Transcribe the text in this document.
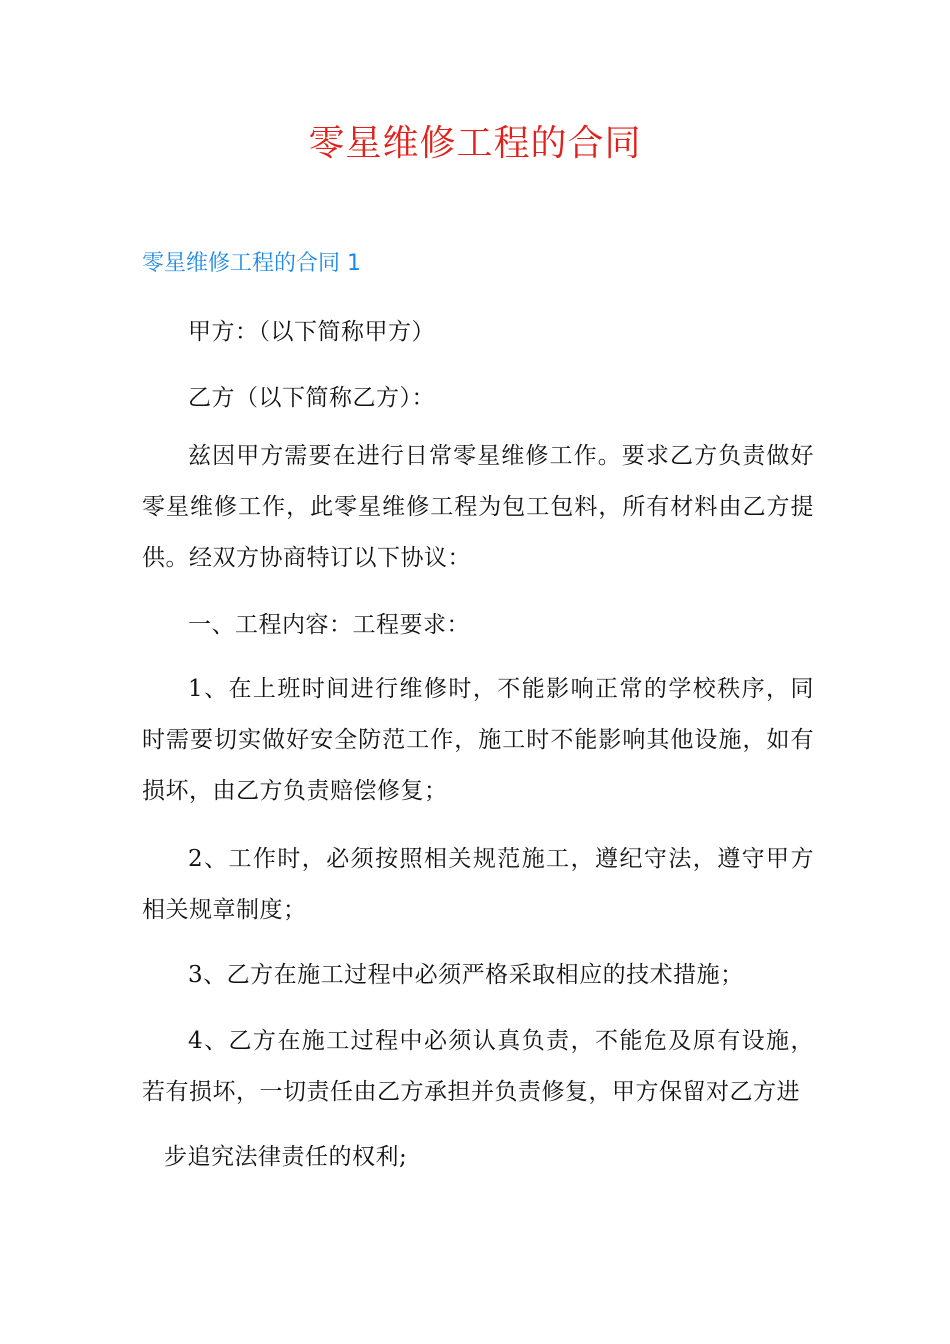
零星维修工程的合同
零星维修工程的合同 1

甲方：（以下简称甲方）

乙方（以下简称乙方）：

兹因甲方需要在进行日常零星维修工作。要求乙方负责做好零星维修工作，此零星维修工程为包工包料，所有材料由乙方提供。经双方协商特订以下协议：

一、工程内容：工程要求：

1、在上班时间进行维修时，不能影响正常的学校秩序，同时需要切实做好安全防范工作，施工时不能影响其他设施，如有损坏，由乙方负责赔偿修复；

2、工作时，必须按照相关规范施工，遵纪守法，遵守甲方相关规章制度；

3、乙方在施工过程中必须严格采取相应的技术措施；

4、乙方在施工过程中必须认真负责，不能危及原有设施，若有损坏，一切责任由乙方承担并负责修复，甲方保留对乙方进

步追究法律责任的权利;
